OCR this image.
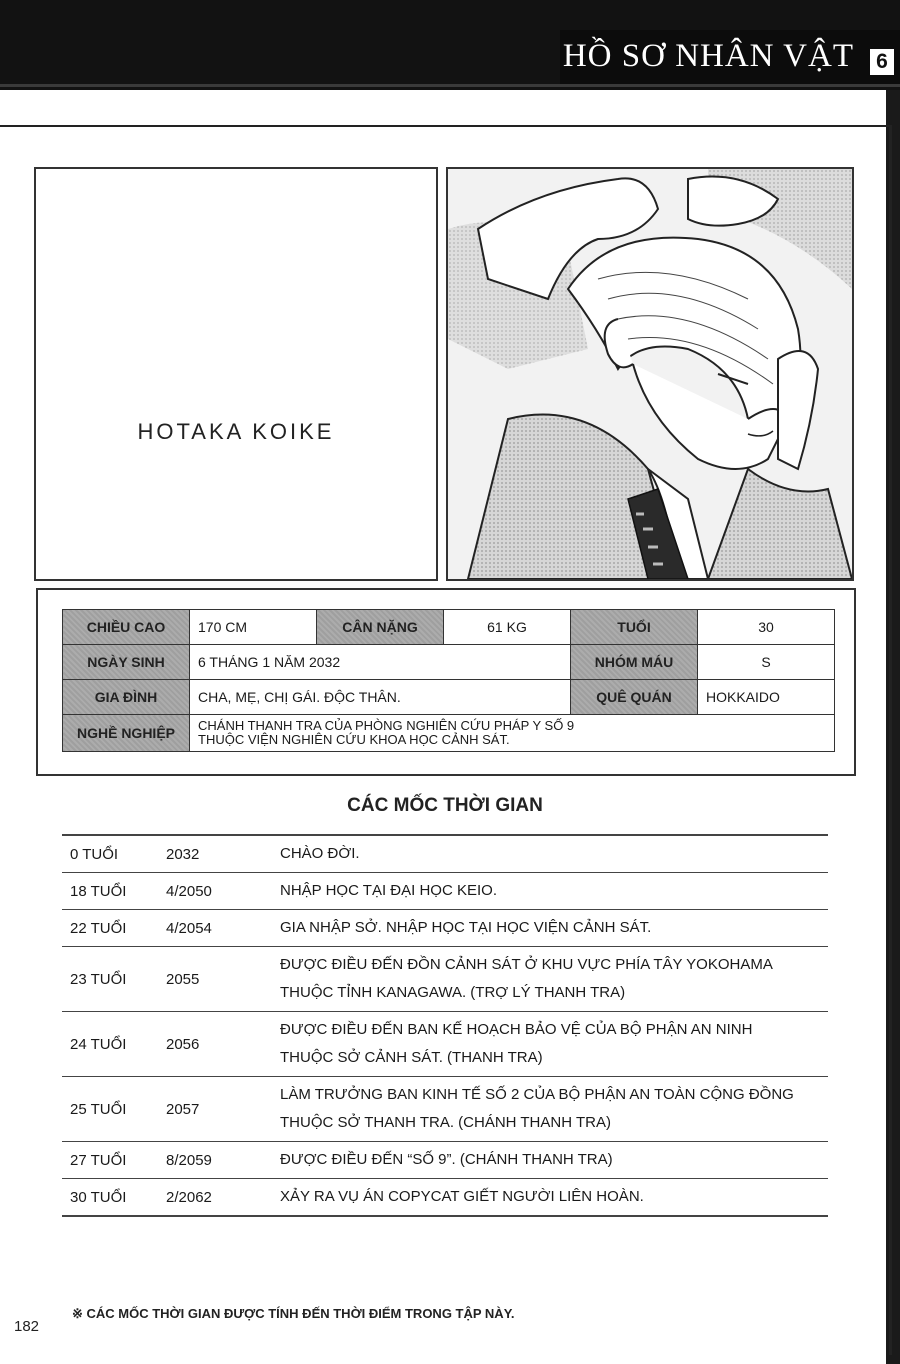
HỒ SƠ NHÂN VẬT 6
HOTAKA KOIKE
CHIỀU CAO	170 CM	CÂN NẶNG	61 KG	TUỔI	30
NGÀY SINH	6 THÁNG 1 NĂM 2032			NHÓM MÁU	S
GIA ĐÌNH	CHA, MẸ, CHỊ GÁI. ĐỘC THÂN.			QUÊ QUÁN	HOKKAIDO
NGHỀ NGHIỆP	CHÁNH THANH TRA CỦA PHÒNG NGHIÊN CỨU PHÁP Y SỐ 9
THUỘC VIỆN NGHIÊN CỨU KHOA HỌC CẢNH SÁT.				
CÁC MỐC THỜI GIAN
0 TUỔI	2032	CHÀO ĐỜI.

18 TUỔI	4/2050	NHẬP HỌC TẠI ĐẠI HỌC KEIO.

22 TUỔI	4/2054	GIA NHẬP SỞ. NHẬP HỌC TẠI HỌC VIỆN CẢNH SÁT.

23 TUỔI	2055	ĐƯỢC ĐIỀU ĐẾN ĐỒN CẢNH SÁT Ở KHU VỰC PHÍA TÂY YOKOHAMA
THUỘC TỈNH KANAGAWA. (TRỢ LÝ THANH TRA)

24 TUỔI	2056	ĐƯỢC ĐIỀU ĐẾN BAN KẾ HOẠCH BẢO VỆ CỦA BỘ PHẬN AN NINH
THUỘC SỞ CẢNH SÁT. (THANH TRA)

25 TUỔI	2057	LÀM TRƯỞNG BAN KINH TẾ SỐ 2 CỦA BỘ PHẬN AN TOÀN CỘNG ĐỒNG
THUỘC SỞ THANH TRA. (CHÁNH THANH TRA)

27 TUỔI	8/2059	ĐƯỢC ĐIỀU ĐẾN “SỐ 9”. (CHÁNH THANH TRA)

30 TUỔI	2/2062	XẢY RA VỤ ÁN COPYCAT GIẾT NGƯỜI LIÊN HOÀN.
※ CÁC MỐC THỜI GIAN ĐƯỢC TÍNH ĐẾN THỜI ĐIỂM TRONG TẬP NÀY.
182
